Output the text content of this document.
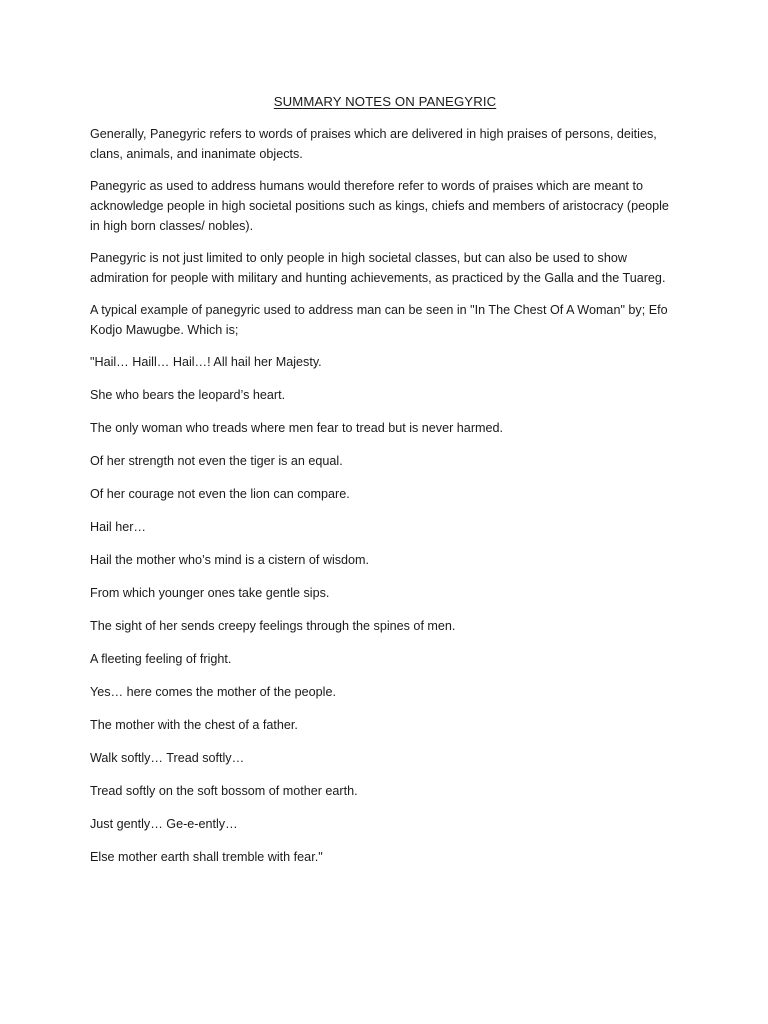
SUMMARY NOTES ON PANEGYRIC

Generally, Panegyric refers to words of praises which are delivered in high praises of persons, deities, clans, animals, and inanimate objects.

Panegyric as used to address humans would therefore refer to words of praises which are meant to acknowledge people in high societal positions such as kings, chiefs and members of aristocracy (people in high born classes/ nobles).

Panegyric is not just limited to only people in high societal classes, but can also be used to show admiration for people with military and hunting achievements, as practiced by the Galla and the Tuareg.

A typical example of panegyric used to address man can be seen in "In The Chest Of A Woman" by; Efo Kodjo Mawugbe. Which is;

"Hail… Haill… Hail…! All hail her Majesty.

She who bears the leopard’s heart.

The only woman who treads where men fear to tread but is never harmed.

Of her strength not even the tiger is an equal.

Of her courage not even the lion can compare.

Hail her…

Hail the mother who’s mind is a cistern of wisdom.

From which younger ones take gentle sips.

The sight of her sends creepy feelings through the spines of men.

A fleeting feeling of fright.

Yes… here comes the mother of the people.

The mother with the chest of a father.

Walk softly… Tread softly…

Tread softly on the soft bossom of mother earth.

Just gently… Ge-e-ently…

Else mother earth shall tremble with fear."
